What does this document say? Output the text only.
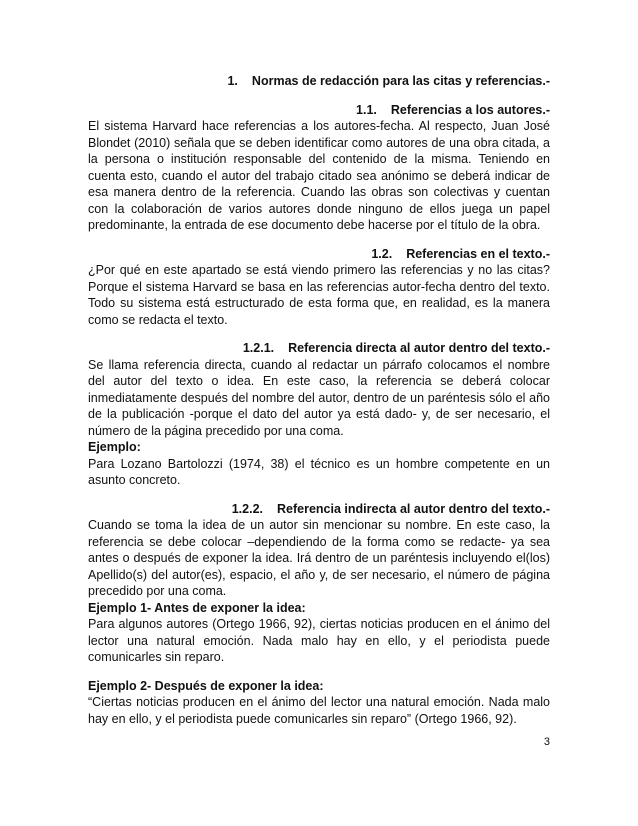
1. Normas de redacción para las citas y referencias.-
1.1. Referencias a los autores.-

El sistema Harvard hace referencias a los autores-fecha. Al respecto, Juan José Blondet (2010) señala que se deben identificar como autores de una obra citada, a la persona o institución responsable del contenido de la misma. Teniendo en cuenta esto, cuando el autor del trabajo citado sea anónimo se deberá indicar de esa manera dentro de la referencia. Cuando las obras son colectivas y cuentan con la colaboración de varios autores donde ninguno de ellos juega un papel predominante, la entrada de ese documento debe hacerse por el título de la obra.

1.2. Referencias en el texto.-

¿Por qué en este apartado se está viendo primero las referencias y no las citas? Porque el sistema Harvard se basa en las referencias autor-fecha dentro del texto. Todo su sistema está estructurado de esta forma que, en realidad, es la manera como se redacta el texto.

1.2.1. Referencia directa al autor dentro del texto.-

Se llama referencia directa, cuando al redactar un párrafo colocamos el nombre del autor del texto o idea. En este caso, la referencia se deberá colocar inmediatamente después del nombre del autor, dentro de un paréntesis sólo el año de la publicación -porque el dato del autor ya está dado- y, de ser necesario, el número de la página precedido por una coma.

Ejemplo:

Para Lozano Bartolozzi (1974, 38) el técnico es un hombre competente en un asunto concreto.

1.2.2. Referencia indirecta al autor dentro del texto.-

Cuando se toma la idea de un autor sin mencionar su nombre. En este caso, la referencia se debe colocar –dependiendo de la forma como se redacte- ya sea antes o después de exponer la idea. Irá dentro de un paréntesis incluyendo el(los) Apellido(s) del autor(es), espacio, el año y, de ser necesario, el número de página precedido por una coma.

Ejemplo 1- Antes de exponer la idea:

Para algunos autores (Ortego 1966, 92), ciertas noticias producen en el ánimo del lector una natural emoción. Nada malo hay en ello, y el periodista puede comunicarles sin reparo.

Ejemplo 2- Después de exponer la idea:

“Ciertas noticias producen en el ánimo del lector una natural emoción. Nada malo hay en ello, y el periodista puede comunicarles sin reparo” (Ortego 1966, 92).

3
